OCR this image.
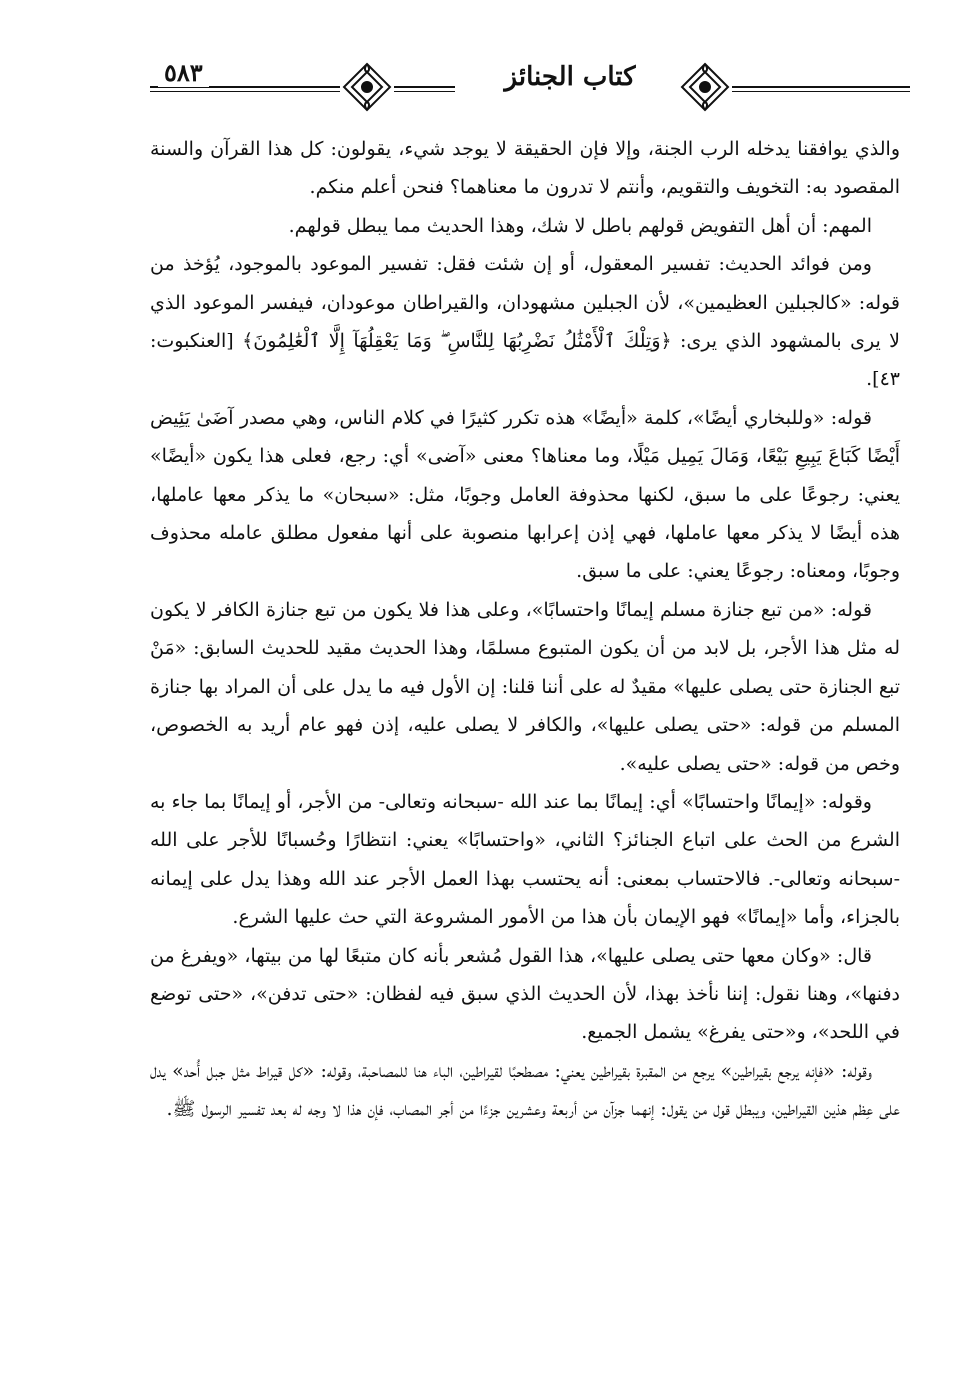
٥٨٣	كتاب الجنائز

والذي يوافقنا يدخله الرب الجنة، وإلا فإن الحقيقة لا يوجد شيء، يقولون: كل هذا القرآن والسنة المقصود به: التخويف والتقويم، وأنتم لا تدرون ما معناهما؟ فنحن أعلم منكم.

المهم: أن أهل التفويض قولهم باطل لا شك، وهذا الحديث مما يبطل قولهم.

ومن فوائد الحديث: تفسير المعقول، أو إن شئت فقل: تفسير الموعود بالموجود، يُؤخذ من قوله: «كالجبلين العظيمين»، لأن الجبلين مشهودان، والقيراطان موعودان، فيفسر الموعود الذي لا يرى بالمشهود الذي يرى: ﴿وَتِلْكَ ٱلْأَمْثَٰلُ نَضْرِبُهَا لِلنَّاسِ ۖ وَمَا يَعْقِلُهَآ إِلَّا ٱلْعَٰلِمُونَ﴾ [العنكبوت: ٤٣].

قوله: «وللبخاري أيضًا»، كلمة «أيضًا» هذه تكرر كثيرًا في كلام الناس، وهي مصدر آضَىٰ يَئِيض أَيْضًا كَبَاعَ يَبِيعِ بَيْعًا، وَمَالَ يَمِيل مَيْلًا، وما معناها؟ معنى «آضى» أي: رجع، فعلى هذا يكون «أيضًا» يعني: رجوعًا على ما سبق، لكنها محذوفة العامل وجوبًا، مثل: «سبحان» ما يذكر معها عاملها، هذه أيضًا لا يذكر معها عاملها، فهي إذن إعرابها منصوبة على أنها مفعول مطلق عامله محذوف وجوبًا، ومعناه: رجوعًا يعني: على ما سبق.

قوله: «من تبع جنازة مسلم إيمانًا واحتسابًا»، وعلى هذا فلا يكون من تبع جنازة الكافر لا يكون له مثل هذا الأجر، بل لابد من أن يكون المتبوع مسلمًا، وهذا الحديث مقيد للحديث السابق: «مَنْ تبع الجنازة حتى يصلى عليها» مقيدٌ له على أننا قلنا: إن الأول فيه ما يدل على أن المراد بها جنازة المسلم من قوله: «حتى يصلى عليها»، والكافر لا يصلى عليه، إذن فهو عام أريد به الخصوص، وخص من قوله: «حتى يصلى عليه».

وقوله: «إيمانًا واحتسابًا» أي: إيمانًا بما عند الله -سبحانه وتعالى- من الأجر، أو إيمانًا بما جاء به الشرع من الحث على اتباع الجنائز؟ الثاني، «واحتسابًا» يعني: انتظارًا وحُسبانًا للأجر على الله -سبحانه وتعالى-. فالاحتساب بمعنى: أنه يحتسب بهذا العمل الأجر عند الله وهذا يدل على إيمانه بالجزاء، وأما «إيمانًا» فهو الإيمان بأن هذا من الأمور المشروعة التي حث عليها الشرع.

قال: «وكان معها حتى يصلى عليها»، هذا القول مُشعر بأنه كان متبعًا لها من بيتها، «ويفرغ من دفنها»، وهنا نقول: إننا نأخذ بهذا، لأن الحديث الذي سبق فيه لفظان: «حتى تدفن»، «حتى توضع في اللحد»، و«حتى يفرغ» يشمل الجميع.

وقوله: «فإنه يرجع بقيراطين» يرجع من المقبرة بقيراطين يعني: مصطحبًا لقيراطين، الباء هنا للمصاحبة، وقوله: «كل قيراط مثل جبل أُحد» يدل على عِظم هذين القيراطين، ويبطل قول من يقول: إنهما جزآن من أربعة وعشرين جزءًا من أجر المصاب، فإن هذا لا وجه له بعد تفسير الرسول ﷺ.
